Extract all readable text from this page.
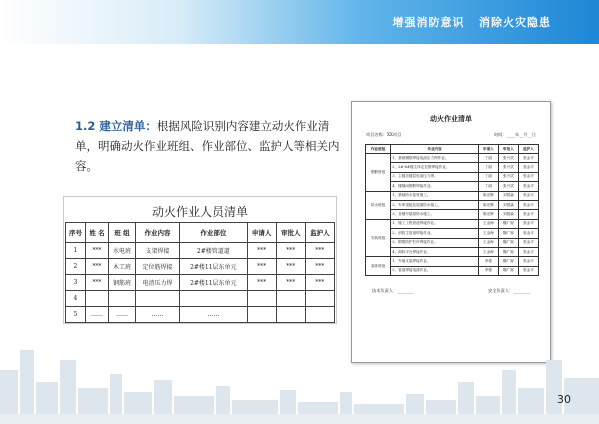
增强消防意识   消除火灾隐患
1.2 建立清单：根据风险识别内容建立动火作业清单，明确动火作业班组、作业部位、监护人等相关内容。
动火作业人员清单
序号	姓 名	班 组	作业内容	作业部位	申请人	审批人	监护人
1	***	水电班	支架焊接	2#楼管道道	***	***	***
2	***	木工班	定位筋焊接	2#楼11层东单元	***	***	***
3	***	钢筋班	电渣压力焊	2#楼11层东单元	***	***	***
4							
5	……	……	……	……			
动火作业清单
项目名称：XX项目	时间：____年__月__日
作业班组	作业内容	申请人	审批人	监护人
钢筋班组	1、基础钢筋焊接电渣压力焊作业。	丁丽	张兴武	张金平
	2、2#-6#楼主体定位筋焊接作业。	丁丽	张兴武	张金平
	3、主楼各楼层电渣压力焊。	丁丽	张兴武	张金平
	4、楼梯间钢筋焊接作业。	丁丽	张兴武	张金平
防水班组	1、基础防水卷材施工。	陈光辉	刘国森	张金平
	2、车库顶板及屋面防水施工。	陈光辉	刘国森	张金平
	3、各楼号屋面防水施工。	陈光辉	刘国森	张金平
安装班组	1、施工工程管道焊接作业。	王金海	魏广财	张金平
	2、消防主管道焊接作业。	王金海	魏广财	张金平
	3、钢筋防护栏杆焊接作业。	王金海	魏广财	张金平
	4、卸料平台焊接作业。	王金海	魏广财	张金平
架体班组	1、外墙支架焊接作业。	李强	魏广财	张金平
	2、管道焊接电渣作业。	李强	魏广财	张金平
技术负责人：________	安全负责人：________
30
